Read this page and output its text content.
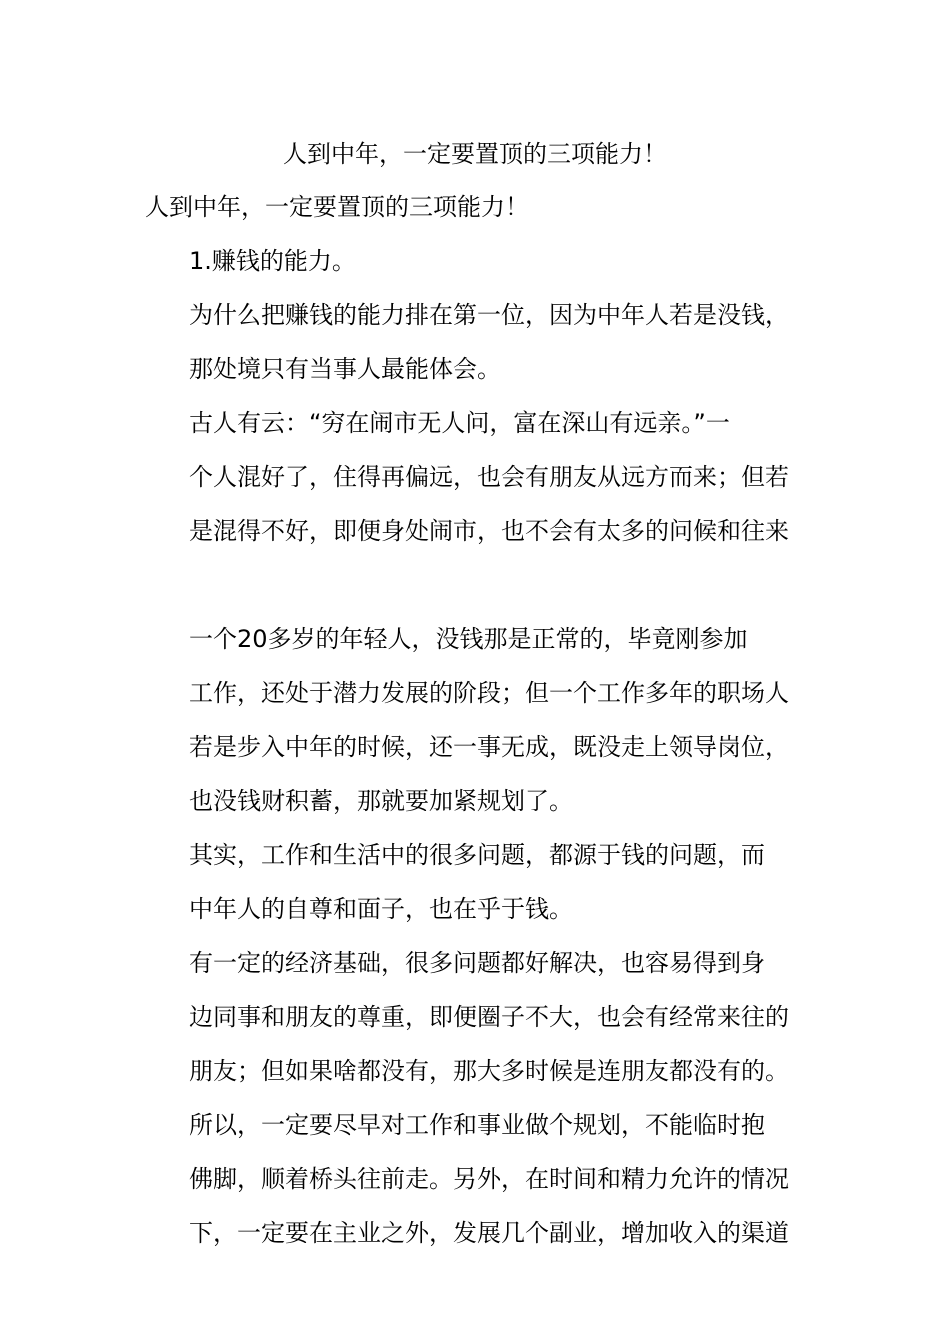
人到中年，一定要置顶的三项能力！

人到中年，一定要置顶的三项能力！

1.赚钱的能力。

为什么把赚钱的能力排在第一位，因为中年人若是没钱，
那处境只有当事人最能体会。

古人有云：“穷在闹市无人问，富在深山有远亲。”一
个人混好了，住得再偏远，也会有朋友从远方而来；但若
是混得不好，即便身处闹市，也不会有太多的问候和往来

一个20多岁的年轻人，没钱那是正常的，毕竟刚参加
工作，还处于潜力发展的阶段；但一个工作多年的职场人
若是步入中年的时候，还一事无成，既没走上领导岗位，
也没钱财积蓄，那就要加紧规划了。

其实，工作和生活中的很多问题，都源于钱的问题，而
中年人的自尊和面子，也在乎于钱。

有一定的经济基础，很多问题都好解决，也容易得到身
边同事和朋友的尊重，即便圈子不大，也会有经常来往的
朋友；但如果啥都没有，那大多时候是连朋友都没有的。

所以，一定要尽早对工作和事业做个规划，不能临时抱
佛脚，顺着桥头往前走。另外，在时间和精力允许的情况
下，一定要在主业之外，发展几个副业，增加收入的渠道
